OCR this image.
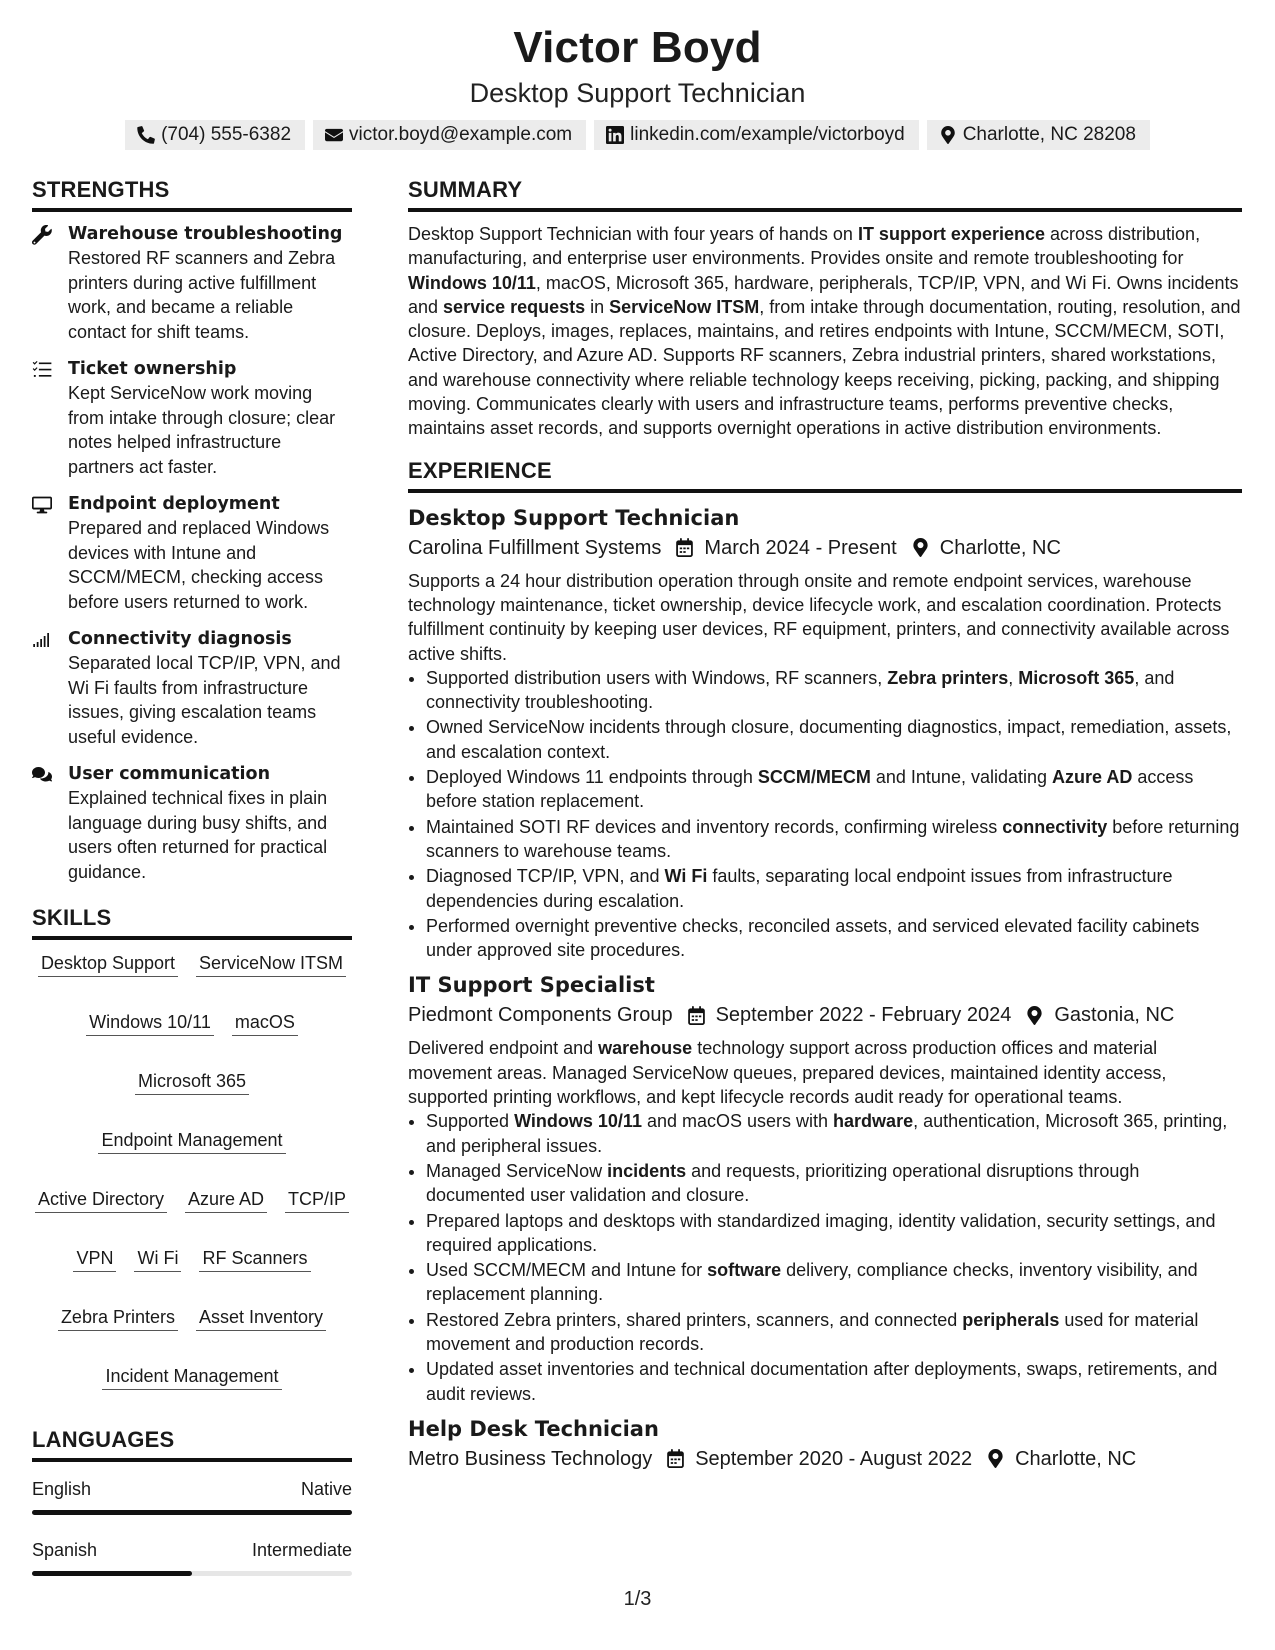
Victor Boyd
Desktop Support Technician
(704) 555-6382	victor.boyd@example.com	linkedin.com/example/victorboyd	Charlotte, NC 28208
STRENGTHS
Warehouse troubleshooting
Restored RF scanners and Zebra printers during active fulfillment work, and became a reliable contact for shift teams.
Ticket ownership
Kept ServiceNow work moving from intake through closure; clear notes helped infrastructure partners act faster.
Endpoint deployment
Prepared and replaced Windows devices with Intune and SCCM/MECM, checking access before users returned to work.
Connectivity diagnosis
Separated local TCP/IP, VPN, and Wi Fi faults from infrastructure issues, giving escalation teams useful evidence.
User communication
Explained technical fixes in plain language during busy shifts, and users often returned for practical guidance.
SKILLS
Desktop Support ServiceNow ITSM
Windows 10/11 macOS
Microsoft 365
Endpoint Management
Active Directory Azure AD TCP/IP
VPN Wi Fi RF Scanners
Zebra Printers Asset Inventory
Incident Management
LANGUAGES
English	Native
Spanish	Intermediate
SUMMARY
Desktop Support Technician with four years of hands on IT support experience across distribution, manufacturing, and enterprise user environments. Provides onsite and remote troubleshooting for Windows 10/11, macOS, Microsoft 365, hardware, peripherals, TCP/IP, VPN, and Wi Fi. Owns incidents and service requests in ServiceNow ITSM, from intake through documentation, routing, resolution, and closure. Deploys, images, replaces, maintains, and retires endpoints with Intune, SCCM/MECM, SOTI, Active Directory, and Azure AD. Supports RF scanners, Zebra industrial printers, shared workstations, and warehouse connectivity where reliable technology keeps receiving, picking, packing, and shipping moving. Communicates clearly with users and infrastructure teams, performs preventive checks, maintains asset records, and supports overnight operations in active distribution environments.
EXPERIENCE
Desktop Support Technician
Carolina Fulfillment Systems March 2024 - Present Charlotte, NC
Supports a 24 hour distribution operation through onsite and remote endpoint services, warehouse technology maintenance, ticket ownership, device lifecycle work, and escalation coordination. Protects fulfillment continuity by keeping user devices, RF equipment, printers, and connectivity available across active shifts.
• Supported distribution users with Windows, RF scanners, Zebra printers, Microsoft 365, and connectivity troubleshooting.
• Owned ServiceNow incidents through closure, documenting diagnostics, impact, remediation, assets, and escalation context.
• Deployed Windows 11 endpoints through SCCM/MECM and Intune, validating Azure AD access before station replacement.
• Maintained SOTI RF devices and inventory records, confirming wireless connectivity before returning scanners to warehouse teams.
• Diagnosed TCP/IP, VPN, and Wi Fi faults, separating local endpoint issues from infrastructure dependencies during escalation.
• Performed overnight preventive checks, reconciled assets, and serviced elevated facility cabinets under approved site procedures.
IT Support Specialist
Piedmont Components Group September 2022 - February 2024 Gastonia, NC
Delivered endpoint and warehouse technology support across production offices and material movement areas. Managed ServiceNow queues, prepared devices, maintained identity access, supported printing workflows, and kept lifecycle records audit ready for operational teams.
• Supported Windows 10/11 and macOS users with hardware, authentication, Microsoft 365, printing, and peripheral issues.
• Managed ServiceNow incidents and requests, prioritizing operational disruptions through documented user validation and closure.
• Prepared laptops and desktops with standardized imaging, identity validation, security settings, and required applications.
• Used SCCM/MECM and Intune for software delivery, compliance checks, inventory visibility, and replacement planning.
• Restored Zebra printers, shared printers, scanners, and connected peripherals used for material movement and production records.
• Updated asset inventories and technical documentation after deployments, swaps, retirements, and audit reviews.
Help Desk Technician
Metro Business Technology September 2020 - August 2022 Charlotte, NC
1/3
